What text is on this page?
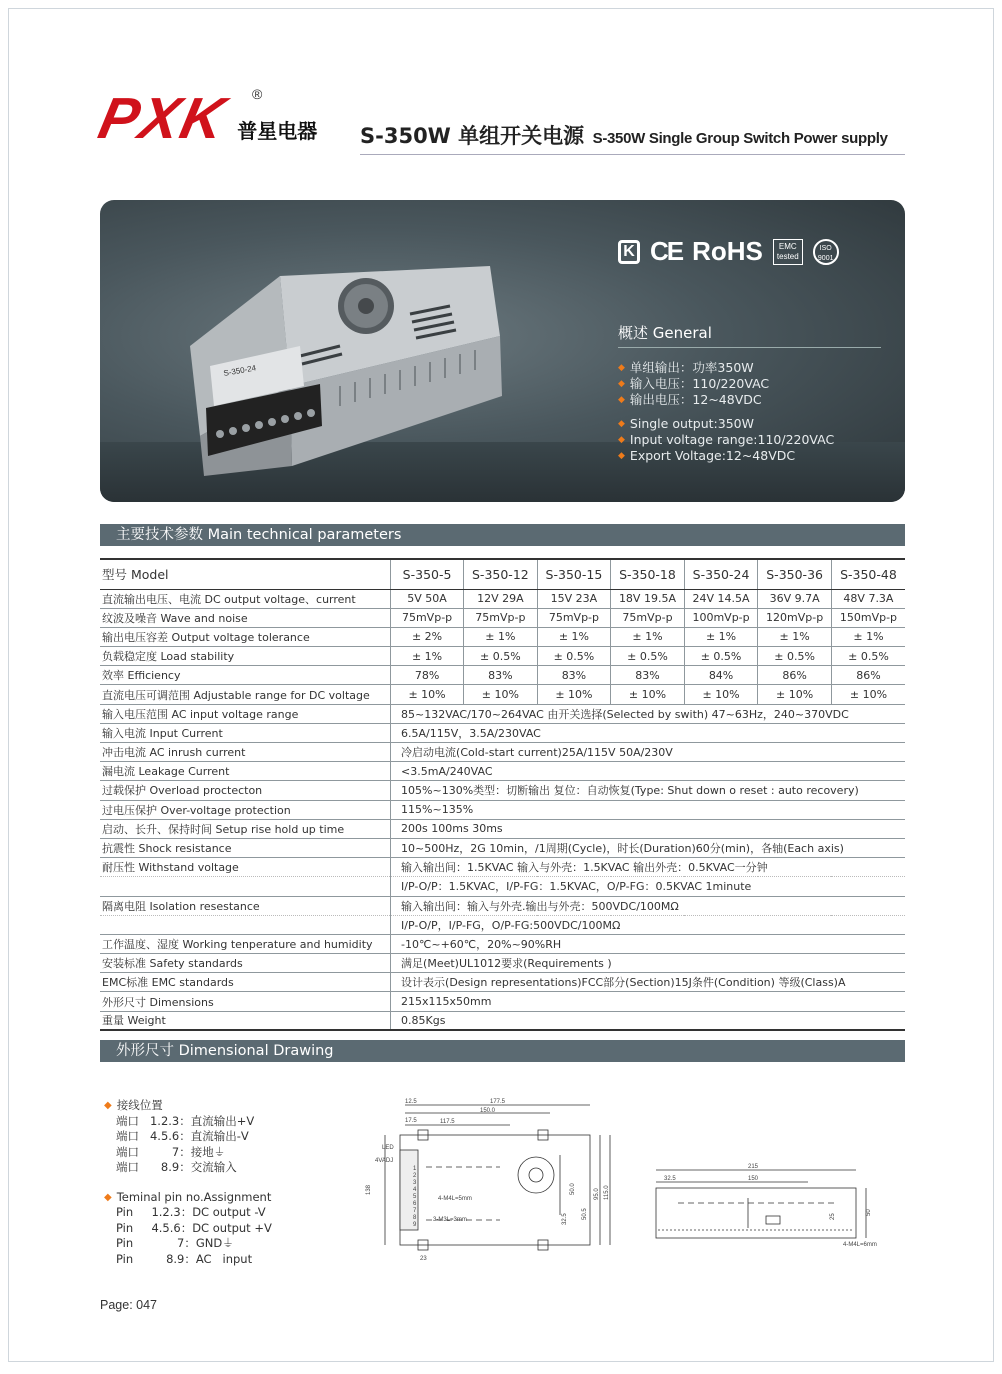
PXK ®
普星电器 S-350W 单组开关电源 S-350W Single Group Switch Power supply
S-350-24
K CE RoHS	EMC
tested
ISO 9001
概述 General
◆ 单组输出：功率350W
◆ 输入电压：110/220VAC
◆ 输出电压：12~48VDC
◆ Single output:350W
◆ Input voltage range:110/220VAC
◆ Export Voltage:12~48VDC
主要技术参数 Main technical parameters
型号 Model	S-350-5	S-350-12	S-350-15	S-350-18	S-350-24	S-350-36	S-350-48
直流输出电压、电流 DC output voltage、current	5V 50A	12V 29A	15V 23A	18V 19.5A	24V 14.5A	36V 9.7A	48V 7.3A
纹波及噪音 Wave and noise	75mVp-p	75mVp-p	75mVp-p	75mVp-p	100mVp-p	120mVp-p	150mVp-p
输出电压容差 Output voltage tolerance	± 2%	± 1%	± 1%	± 1%	± 1%	± 1%	± 1%
负载稳定度 Load stability	± 1%	± 0.5%	± 0.5%	± 0.5%	± 0.5%	± 0.5%	± 0.5%
效率 Efficiency	78%	83%	83%	83%	84%	86%	86%
直流电压可调范围 Adjustable range for DC voltage	± 10%	± 10%	± 10%	± 10%	± 10%	± 10%	± 10%
输入电压范围 AC input voltage range	85~132VAC/170~264VAC 由开关选择(Selected by swith) 47~63Hz，240~370VDC						
输入电流 Input Current	6.5A/115V，3.5A/230VAC						
冲击电流 AC inrush current	冷启动电流(Cold-start current)25A/115V 50A/230V						
漏电流 Leakage Current	<3.5mA/240VAC						
过载保护 Overload proctecton	105%~130%类型：切断输出 复位：自动恢复(Type: Shut down o reset : auto recovery)						
过电压保护 Over-voltage protection	115%~135%						
启动、长升、保持时间 Setup rise hold up time	200s 100ms 30ms						
抗震性 Shock resistance	10~500Hz，2G 10min，/1周期(Cycle)，时长(Duration)60分(min)，各轴(Each axis)						
耐压性 Withstand voltage	输入输出间：1.5KVAC 输入与外壳：1.5KVAC 输出外壳：0.5KVAC一分钟						
	I/P-O/P：1.5KVAC，I/P-FG：1.5KVAC，O/P-FG：0.5KVAC 1minute						
隔离电阻 Isolation resestance	输入输出间：输入与外壳.输出与外壳：500VDC/100MΩ						
	I/P-O/P，I/P-FG，O/P-FG:500VDC/100MΩ						
工作温度、湿度 Working tenperature and humidity	-10℃~+60℃，20%~90%RH						
安装标准 Safety standards	满足(Meet)UL1012要求(Requirements )						
EMC标准 EMC standards	设计表示(Design representations)FCC部分(Section)15J条件(Condition) 等级(Class)A						
外形尺寸 Dimensions	215x115x50mm						
重量 Weight	0.85Kgs						
外形尺寸 Dimensional Drawing
◆ 接线位置
端口   1.2.3：直流输出+V
端口   4.5.6：直流输出-V
端口         7：接地⏚
端口      8.9：交流输入
◆ Teminal pin no.Assignment
Pin     1.2.3：DC output -V
Pin     4.5.6：DC output +V
Pin            7：GND⏚
Pin         8.9：AC   input
12.5	177.5
150.0
17.5	117.5
LED
4VADJ
138
4-M4L=5mm
3-M3L=3mm
50.0	95.0 115.0
32.5 50.5
23
1
2
3
4
5
6
7
8
9
215
32.5	150
50
25
4-M4L=6mm
Page: 047
